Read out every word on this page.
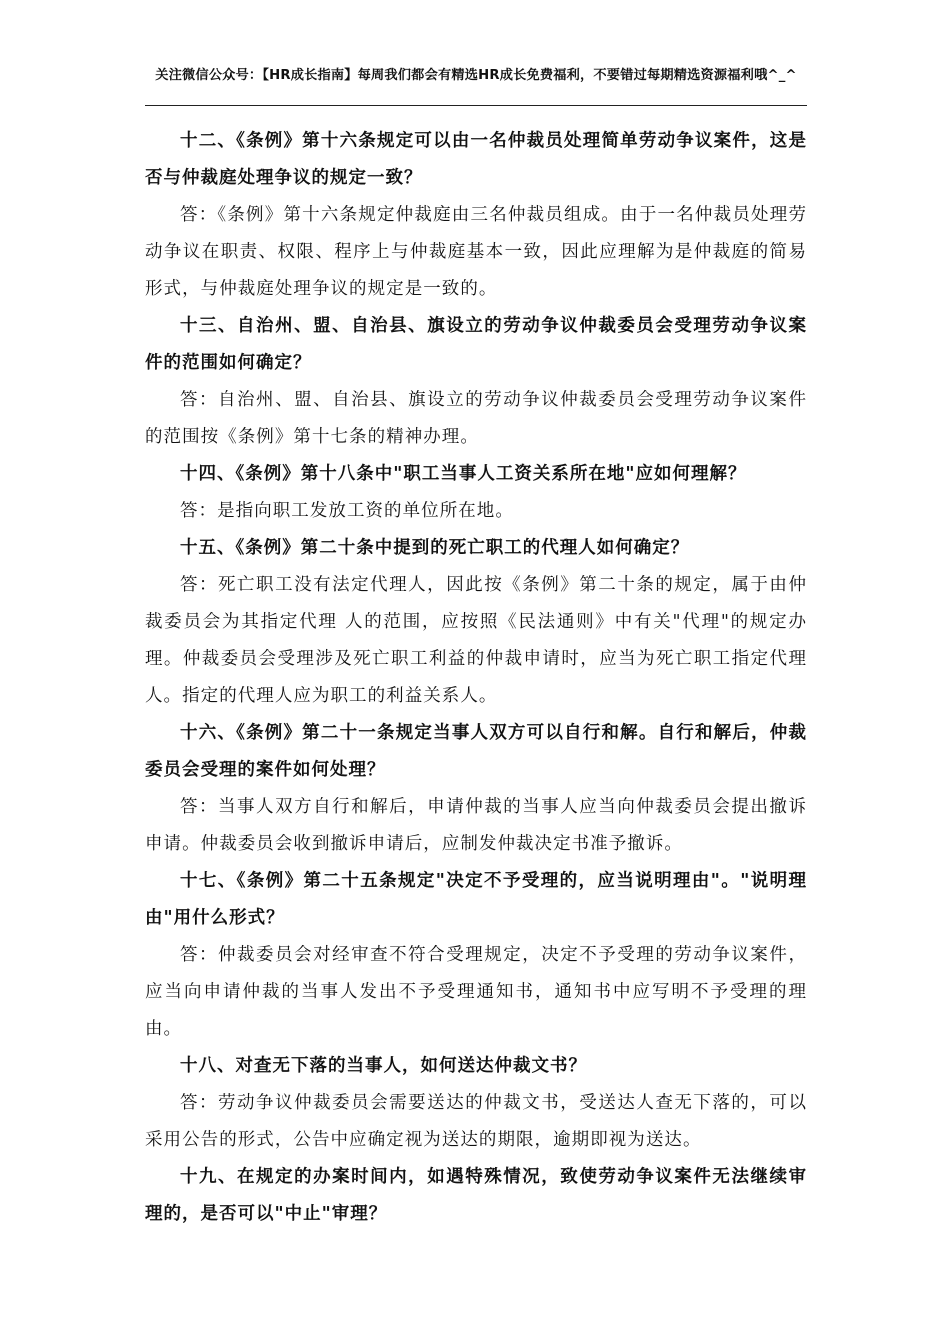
关注微信公众号：【HR成长指南】每周我们都会有精选HR成长免费福利，不要错过每期精选资源福利哦^_^

十二、《条例》第十六条规定可以由一名仲裁员处理简单劳动争议案件，这是否与仲裁庭处理争议的规定一致？

答：《条例》第十六条规定仲裁庭由三名仲裁员组成。由于一名仲裁员处理劳动争议在职责、权限、程序上与仲裁庭基本一致，因此应理解为是仲裁庭的简易形式，与仲裁庭处理争议的规定是一致的。

十三、自治州、盟、自治县、旗设立的劳动争议仲裁委员会受理劳动争议案件的范围如何确定？

答：自治州、盟、自治县、旗设立的劳动争议仲裁委员会受理劳动争议案件的范围按《条例》第十七条的精神办理。

十四、《条例》第十八条中"职工当事人工资关系所在地"应如何理解？

答：是指向职工发放工资的单位所在地。

十五、《条例》第二十条中提到的死亡职工的代理人如何确定？

答：死亡职工没有法定代理人，因此按《条例》第二十条的规定，属于由仲裁委员会为其指定代理 人的范围，应按照《民法通则》中有关"代理"的规定办理。仲裁委员会受理涉及死亡职工利益的仲裁申请时，应当为死亡职工指定代理人。指定的代理人应为职工的利益关系人。

十六、《条例》第二十一条规定当事人双方可以自行和解。自行和解后，仲裁委员会受理的案件如何处理？

答：当事人双方自行和解后，申请仲裁的当事人应当向仲裁委员会提出撤诉申请。仲裁委员会收到撤诉申请后，应制发仲裁决定书准予撤诉。

十七、《条例》第二十五条规定"决定不予受理的，应当说明理由"。"说明理由"用什么形式？

答：仲裁委员会对经审查不符合受理规定，决定不予受理的劳动争议案件，应当向申请仲裁的当事人发出不予受理通知书，通知书中应写明不予受理的理由。

十八、对查无下落的当事人，如何送达仲裁文书？

答：劳动争议仲裁委员会需要送达的仲裁文书，受送达人查无下落的，可以采用公告的形式，公告中应确定视为送达的期限，逾期即视为送达。

十九、在规定的办案时间内，如遇特殊情况，致使劳动争议案件无法继续审理的，是否可以"中止"审理？
